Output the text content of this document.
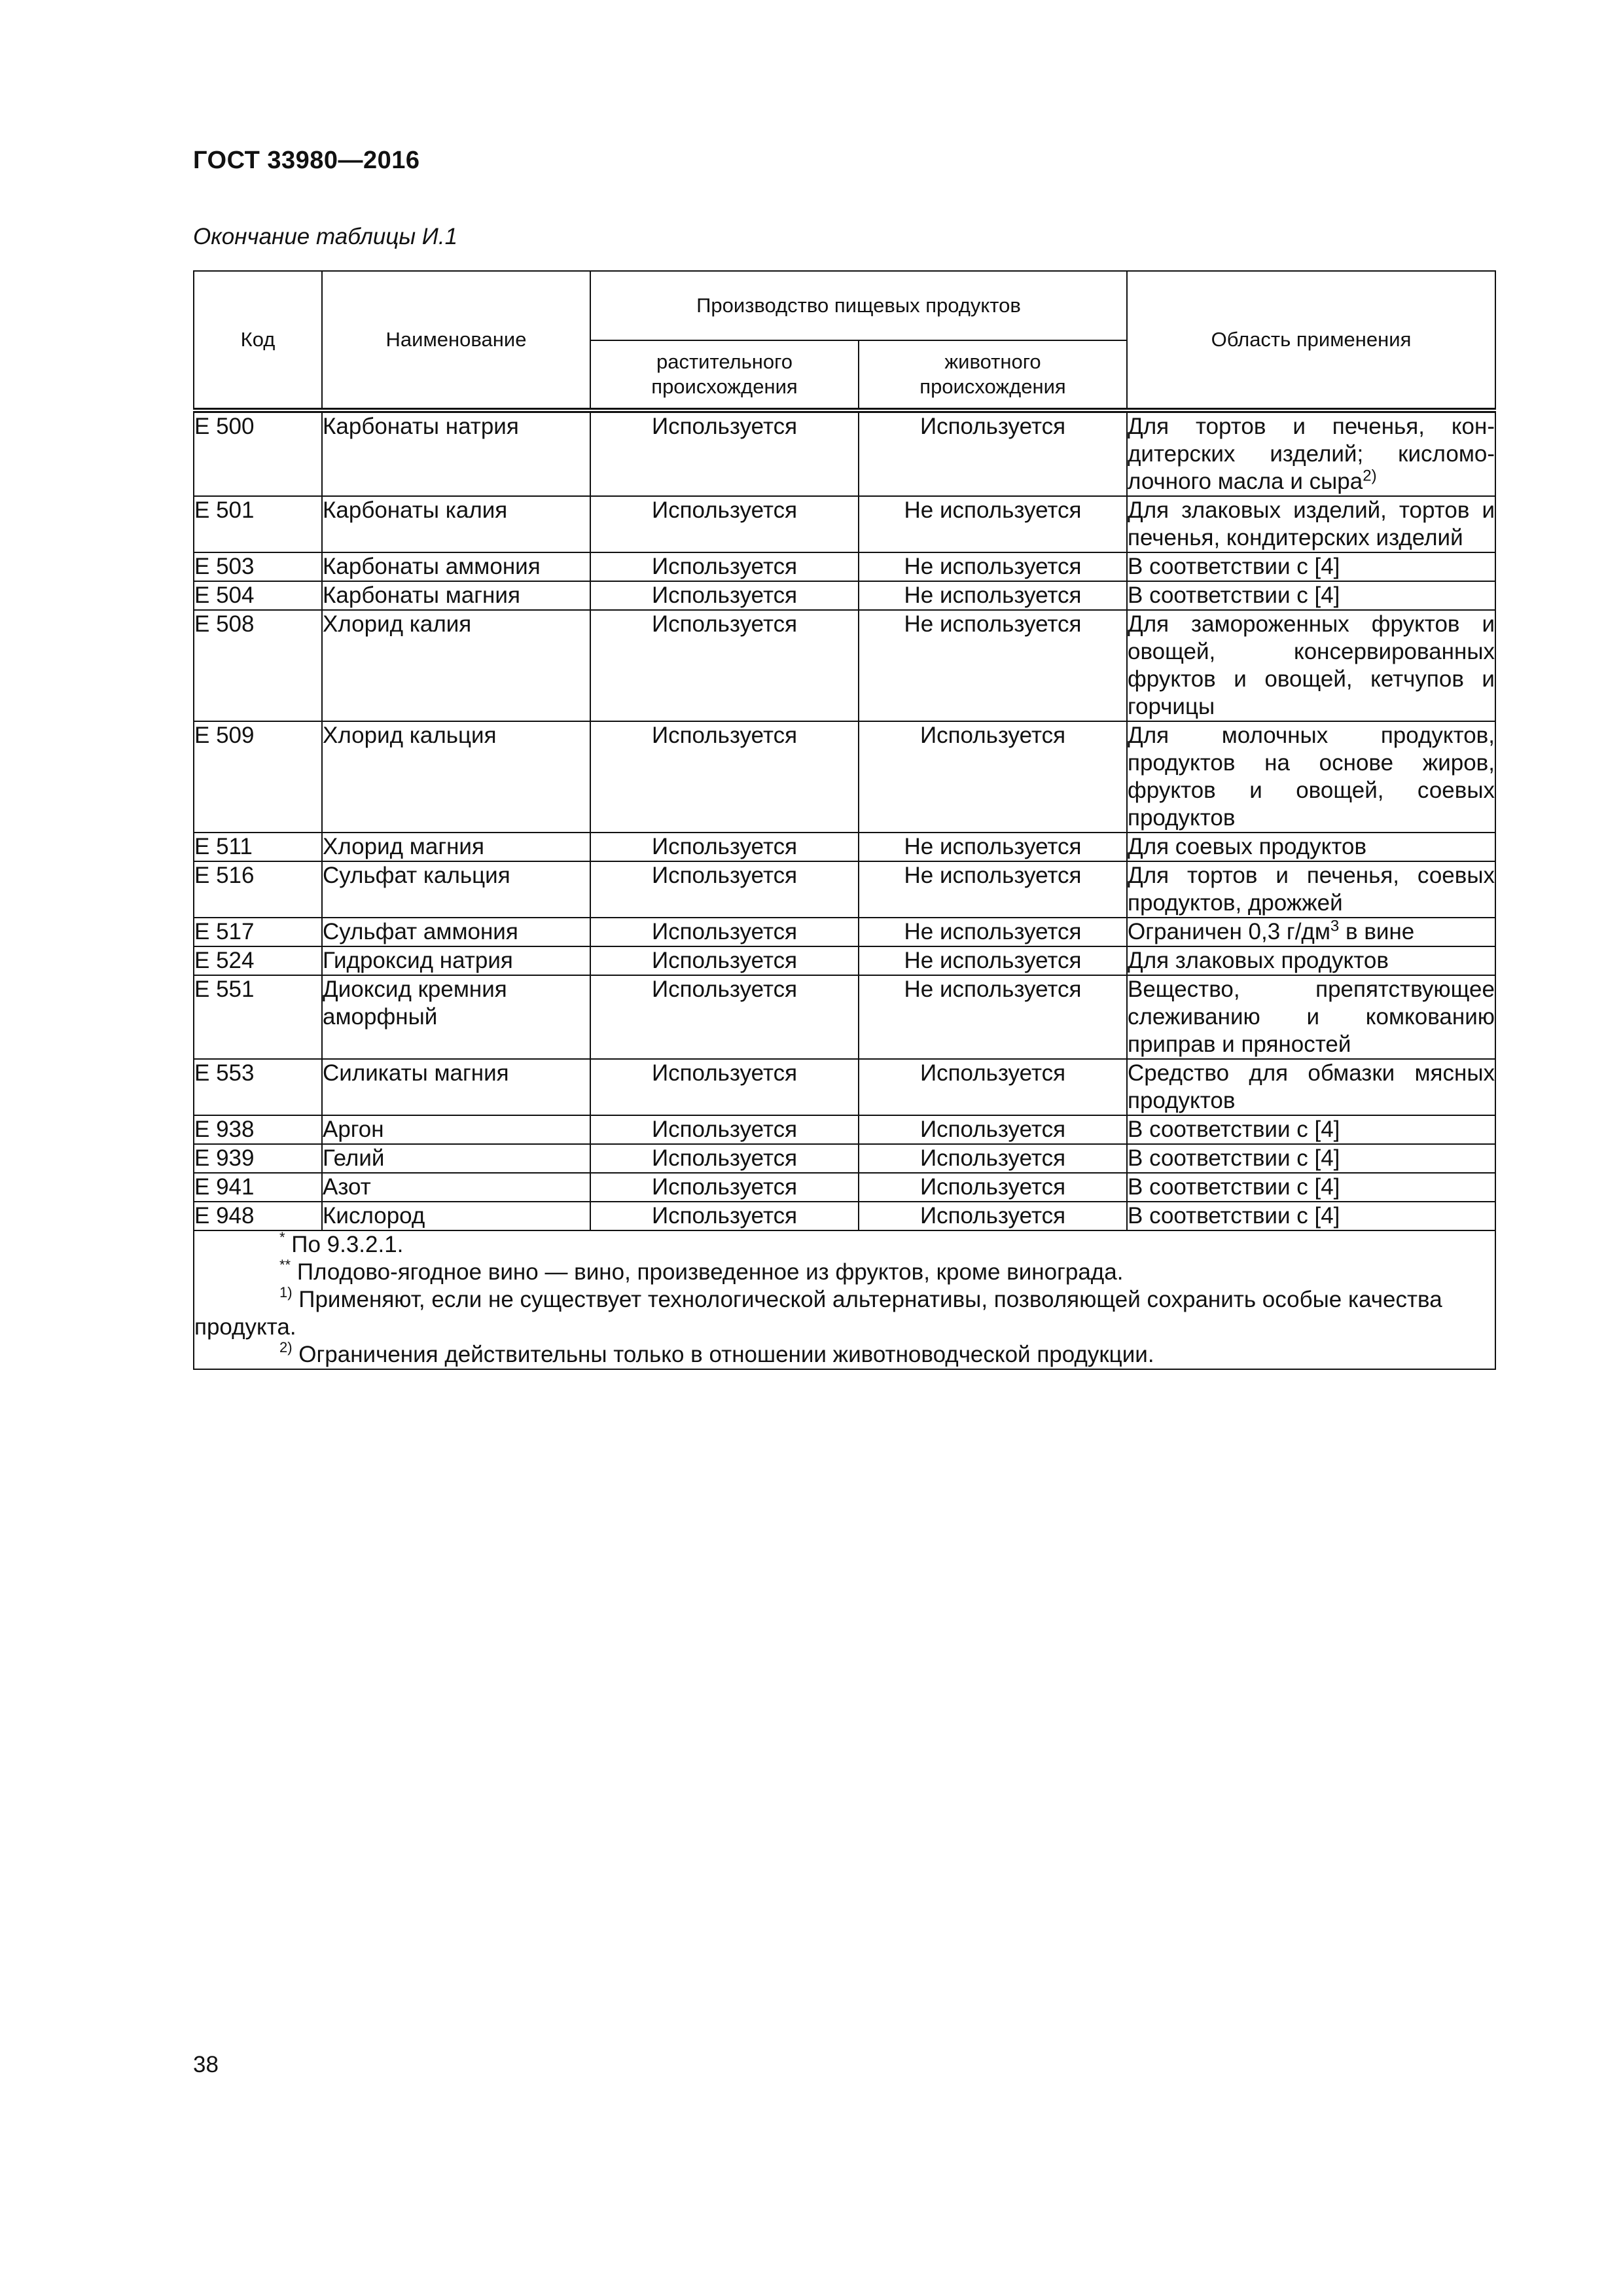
ГОСТ 33980—2016
Окончание таблицы И.1
Код	Наименование	Производство пищевых продуктов		Область применения
		растительного происхождения	животного происхождения	
Е 500	Карбонаты натрия	Используется	Используется	Для тортов и печенья, кондитерских изделий; кисломолочного масла и сыра$^{2)}$
Е 501	Карбонаты калия	Используется	Не используется	Для злаковых изделий, тортов и печенья, кондитерских изделий
Е 503	Карбонаты аммония	Используется	Не используется	В соответствии с [4]
Е 504	Карбонаты магния	Используется	Не используется	В соответствии с [4]
Е 508	Хлорид калия	Используется	Не используется	Для замороженных фруктов и овощей, консервированных фруктов и овощей, кетчупов и горчицы
Е 509	Хлорид кальция	Используется	Используется	Для молочных продуктов, продуктов на основе жиров, фруктов и овощей, соевых продуктов
Е 511	Хлорид магния	Используется	Не используется	Для соевых продуктов
Е 516	Сульфат кальция	Используется	Не используется	Для тортов и печенья, соевых продуктов, дрожжей
Е 517	Сульфат аммония	Используется	Не используется	Ограничен 0,3 $г/дм^3$ в вине
Е 524	Гидроксид натрия	Используется	Не используется	Для злаковых продуктов
Е 551	Диоксид кремния аморфный	Используется	Не используется	Вещество, препятствующее слеживанию и комкованию приправ и пряностей
Е 553	Силикаты магния	Используется	Используется	Средство для обмазки мясных продуктов
Е 938	Аргон	Используется	Используется	В соответствии с [4]
Е 939	Гелий	Используется	Используется	В соответствии с [4]
Е 941	Азот	Используется	Используется	В соответствии с [4]
Е 948	Кислород	Используется	Используется	В соответствии с [4]

* По 9.3.2.1.
** Плодово-ягодное вино — вино, произведенное из фруктов, кроме винограда.
$^{1)}$ Применяют, если не существует технологической альтернативы, позволяющей сохранить особые качества продукта.
$^{2)}$ Ограничения действительны только в отношении животноводческой продукции.				
38
